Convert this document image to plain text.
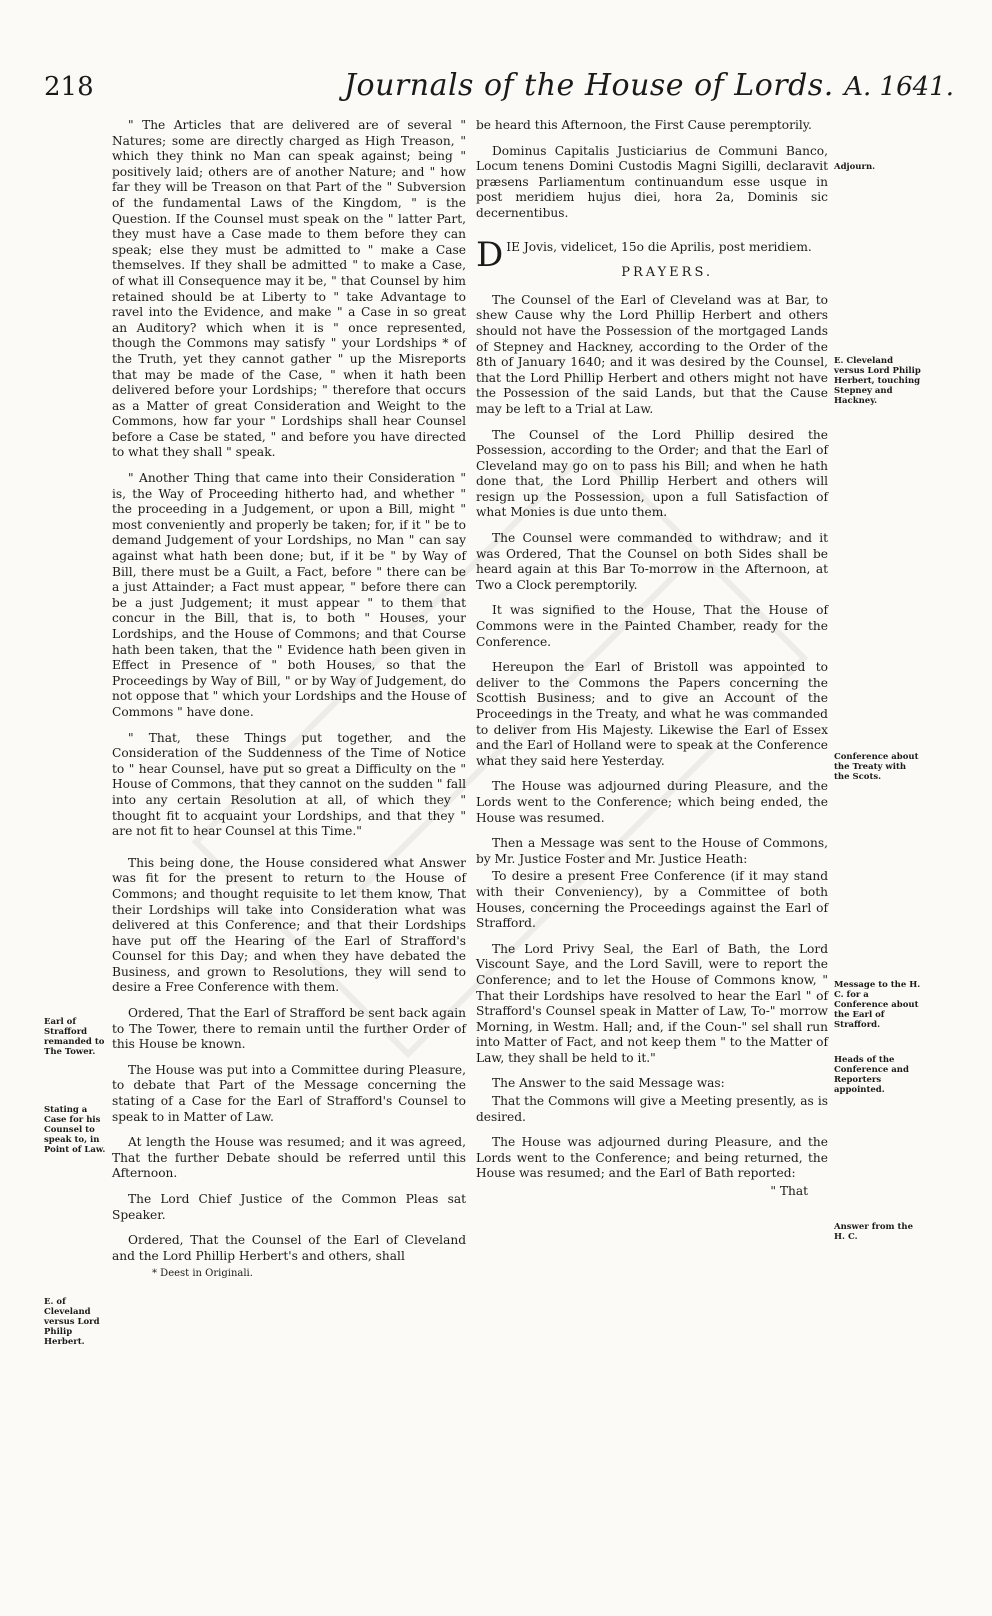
218	Journals of the House of Lords. A. 1641.

" The Articles that are delivered are of several " Natures; some are directly charged as High Treason, " which they think no Man can speak against; being " positively laid; others are of another Nature; and " how far they will be Treason on that Part of the " Subversion of the fundamental Laws of the Kingdom, " is the Question. If the Counsel must speak on the " latter Part, they must have a Case made to them before they can speak; else they must be admitted to " make a Case themselves. If they shall be admitted " to make a Case, of what ill Consequence may it be, " that Counsel by him retained should be at Liberty to " take Advantage to ravel into the Evidence, and make " a Case in so great an Auditory? which when it is " once represented, though the Commons may satisfy " your Lordships * of the Truth, yet they cannot gather " up the Misreports that may be made of the Case, " when it hath been delivered before your Lordships; " therefore that occurs as a Matter of great Consideration and Weight to the Commons, how far your " Lordships shall hear Counsel before a Case be stated, " and before you have directed to what they shall " speak.

" Another Thing that came into their Consideration " is, the Way of Proceeding hitherto had, and whether " the proceeding in a Judgement, or upon a Bill, might " most conveniently and properly be taken; for, if it " be to demand Judgement of your Lordships, no Man " can say against what hath been done; but, if it be " by Way of Bill, there must be a Guilt, a Fact, before " there can be a just Attainder; a Fact must appear, " before there can be a just Judgement; it must appear " to them that concur in the Bill, that is, to both " Houses, your Lordships, and the House of Commons; and that Course hath been taken, that the " Evidence hath been given in Effect in Presence of " both Houses, so that the Proceedings by Way of Bill, " or by Way of Judgement, do not oppose that " which your Lordships and the House of Commons " have done.

" That, these Things put together, and the Consideration of the Suddenness of the Time of Notice to " hear Counsel, have put so great a Difficulty on the " House of Commons, that they cannot on the sudden " fall into any certain Resolution at all, of which they " thought fit to acquaint your Lordships, and that they " are not fit to hear Counsel at this Time."

This being done, the House considered what Answer was fit for the present to return to the House of Commons; and thought requisite to let them know, That their Lordships will take into Consideration what was delivered at this Conference; and that their Lordships have put off the Hearing of the Earl of Strafford's Counsel for this Day; and when they have debated the Business, and grown to Resolutions, they will send to desire a Free Conference with them.

Ordered, That the Earl of Strafford be sent back again to The Tower, there to remain until the further Order of this House be known.

The House was put into a Committee during Pleasure, to debate that Part of the Message concerning the stating of a Case for the Earl of Strafford's Counsel to speak to in Matter of Law.

At length the House was resumed; and it was agreed, That the further Debate should be referred until this Afternoon.

The Lord Chief Justice of the Common Pleas sat Speaker.

Ordered, That the Counsel of the Earl of Cleveland and the Lord Phillip Herbert's and others, shall

* Deest in Originali.

be heard this Afternoon, the First Cause peremptorily.

Dominus Capitalis Justiciarius de Communi Banco, Locum tenens Domini Custodis Magni Sigilli, declaravit præsens Parliamentum continuandum esse usque in post meridiem hujus diei, hora 2a, Dominis sic decernentibus.

DIE Jovis, videlicet, 15o die Aprilis, post meridiem.

PRAYERS.

The Counsel of the Earl of Cleveland was at Bar, to shew Cause why the Lord Phillip Herbert and others should not have the Possession of the mortgaged Lands of Stepney and Hackney, according to the Order of the 8th of January 1640; and it was desired by the Counsel, that the Lord Phillip Herbert and others might not have the Possession of the said Lands, but that the Cause may be left to a Trial at Law.

The Counsel of the Lord Phillip desired the Possession, according to the Order; and that the Earl of Cleveland may go on to pass his Bill; and when he hath done that, the Lord Phillip Herbert and others will resign up the Possession, upon a full Satisfaction of what Monies is due unto them.

The Counsel were commanded to withdraw; and it was Ordered, That the Counsel on both Sides shall be heard again at this Bar To-morrow in the Afternoon, at Two a Clock peremptorily.

It was signified to the House, That the House of Commons were in the Painted Chamber, ready for the Conference.

Hereupon the Earl of Bristoll was appointed to deliver to the Commons the Papers concerning the Scottish Business; and to give an Account of the Proceedings in the Treaty, and what he was commanded to deliver from His Majesty. Likewise the Earl of Essex and the Earl of Holland were to speak at the Conference what they said here Yesterday.

The House was adjourned during Pleasure, and the Lords went to the Conference; which being ended, the House was resumed.

Then a Message was sent to the House of Commons, by Mr. Justice Foster and Mr. Justice Heath:

To desire a present Free Conference (if it may stand with their Conveniency), by a Committee of both Houses, concerning the Proceedings against the Earl of Strafford.

The Lord Privy Seal, the Earl of Bath, the Lord Viscount Saye, and the Lord Savill, were to report the Conference; and to let the House of Commons know, " That their Lordships have resolved to hear the Earl " of Strafford's Counsel speak in Matter of Law, To-" morrow Morning, in Westm. Hall; and, if the Coun-" sel shall run into Matter of Fact, and not keep them " to the Matter of Law, they shall be held to it."

The Answer to the said Message was:

That the Commons will give a Meeting presently, as is desired.

The House was adjourned during Pleasure, and the Lords went to the Conference; and being returned, the House was resumed; and the Earl of Bath reported:

" That
Earl of Strafford remanded to The Tower.
Stating a Case for his Counsel to speak to, in Point of Law.
E. of Cleveland versus Lord Philip Herbert.
Adjourn.
E. Cleveland versus Lord Philip Herbert, touching Stepney and Hackney.
Conference about the Treaty with the Scots.
Message to the H. C. for a Conference about the Earl of Strafford.
Heads of the Conference and Reporters appointed.
Answer from the H. C.
